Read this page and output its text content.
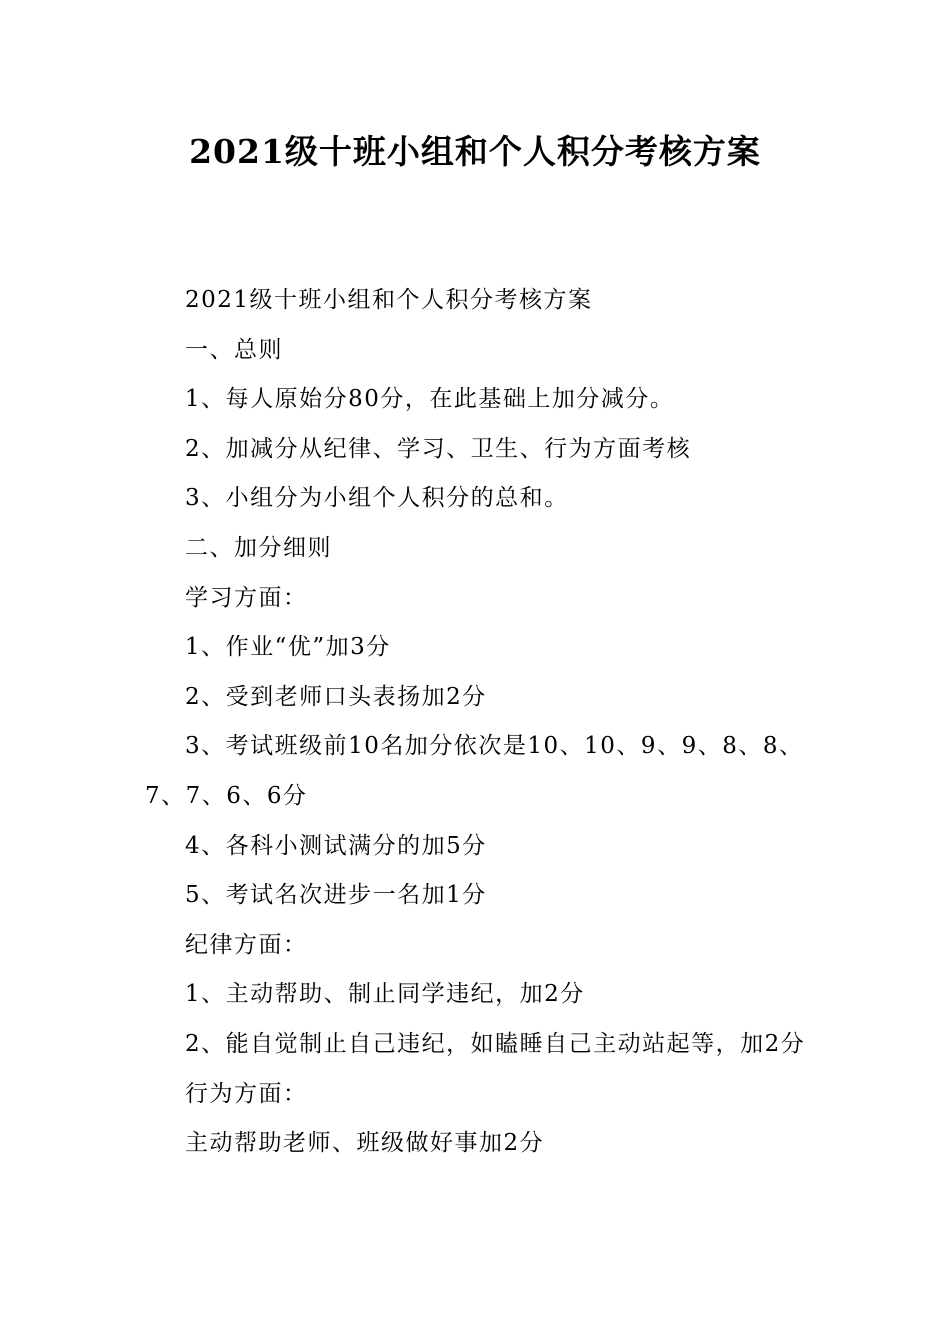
2021级十班小组和个人积分考核方案

2021级十班小组和个人积分考核方案

一、总则

1、每人原始分80分，在此基础上加分减分。

2、加减分从纪律、学习、卫生、行为方面考核

3、小组分为小组个人积分的总和。

二、加分细则

学习方面：

1、作业“优”加3分

2、受到老师口头表扬加2分

3、考试班级前10名加分依次是10、10、9、9、8、8、7、7、6、6分

4、各科小测试满分的加5分

5、考试名次进步一名加1分

纪律方面：

1、主动帮助、制止同学违纪，加2分

2、能自觉制止自己违纪，如瞌睡自己主动站起等，加2分

行为方面：

主动帮助老师、班级做好事加2分
